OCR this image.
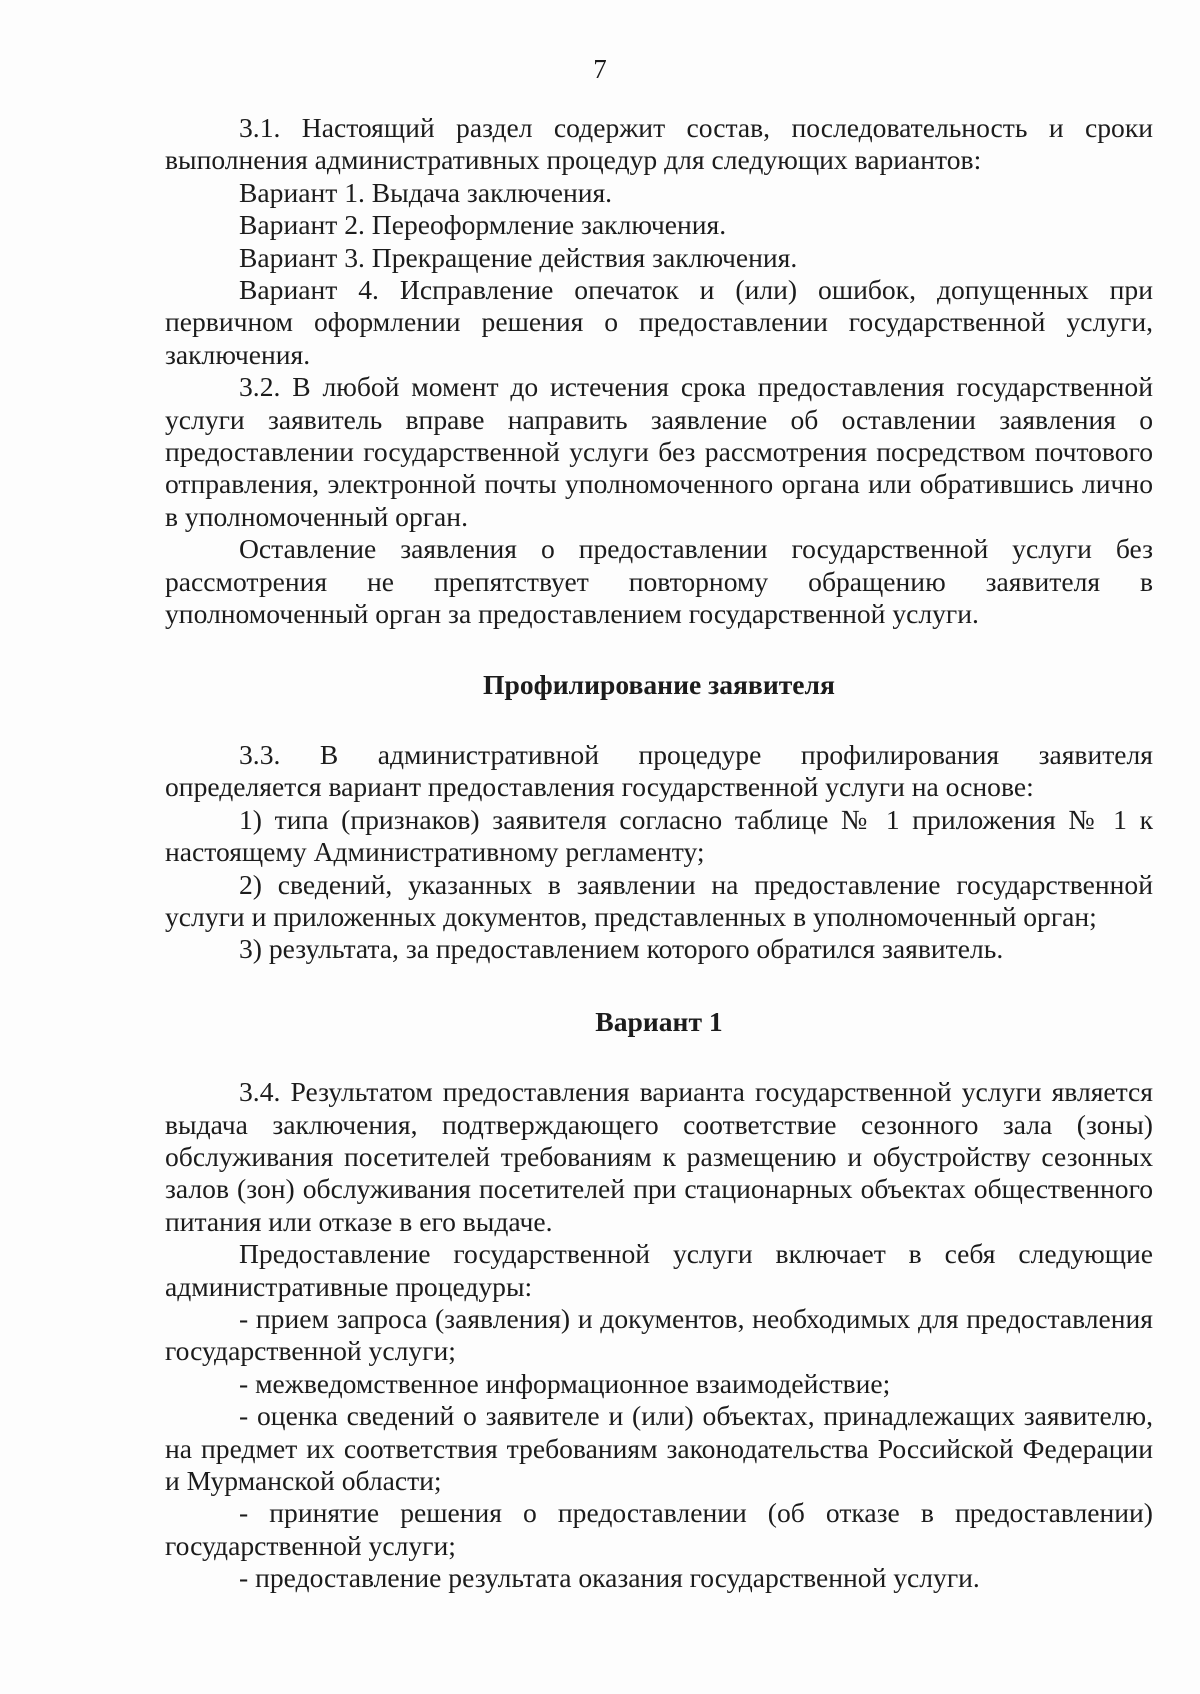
7

3.1. Настоящий раздел содержит состав, последовательность и сроки выполнения административных процедур для следующих вариантов:

Вариант 1. Выдача заключения.

Вариант 2. Переоформление заключения.

Вариант 3. Прекращение действия заключения.

Вариант 4. Исправление опечаток и (или) ошибок, допущенных при первичном оформлении решения о предоставлении государственной услуги, заключения.

3.2. В любой момент до истечения срока предоставления государственной услуги заявитель вправе направить заявление об оставлении заявления о предоставлении государственной услуги без рассмотрения посредством почтового отправления, электронной почты уполномоченного органа или обратившись лично в уполномоченный орган.

Оставление заявления о предоставлении государственной услуги без рассмотрения не препятствует повторному обращению заявителя в уполномоченный орган за предоставлением государственной услуги.

Профилирование заявителя

3.3. В административной процедуре профилирования заявителя определяется вариант предоставления государственной услуги на основе:

1) типа (признаков) заявителя согласно таблице № 1 приложения № 1 к настоящему Административному регламенту;

2) сведений, указанных в заявлении на предоставление государственной услуги и приложенных документов, представленных в уполномоченный орган;

3) результата, за предоставлением которого обратился заявитель.

Вариант 1

3.4. Результатом предоставления варианта государственной услуги является выдача заключения, подтверждающего соответствие сезонного зала (зоны) обслуживания посетителей требованиям к размещению и обустройству сезонных залов (зон) обслуживания посетителей при стационарных объектах общественного питания или отказе в его выдаче.

Предоставление государственной услуги включает в себя следующие административные процедуры:

- прием запроса (заявления) и документов, необходимых для предоставления государственной услуги;

- межведомственное информационное взаимодействие;

- оценка сведений о заявителе и (или) объектах, принадлежащих заявителю, на предмет их соответствия требованиям законодательства Российской Федерации и Мурманской области;

- принятие решения о предоставлении (об отказе в предоставлении) государственной услуги;

- предоставление результата оказания государственной услуги.
